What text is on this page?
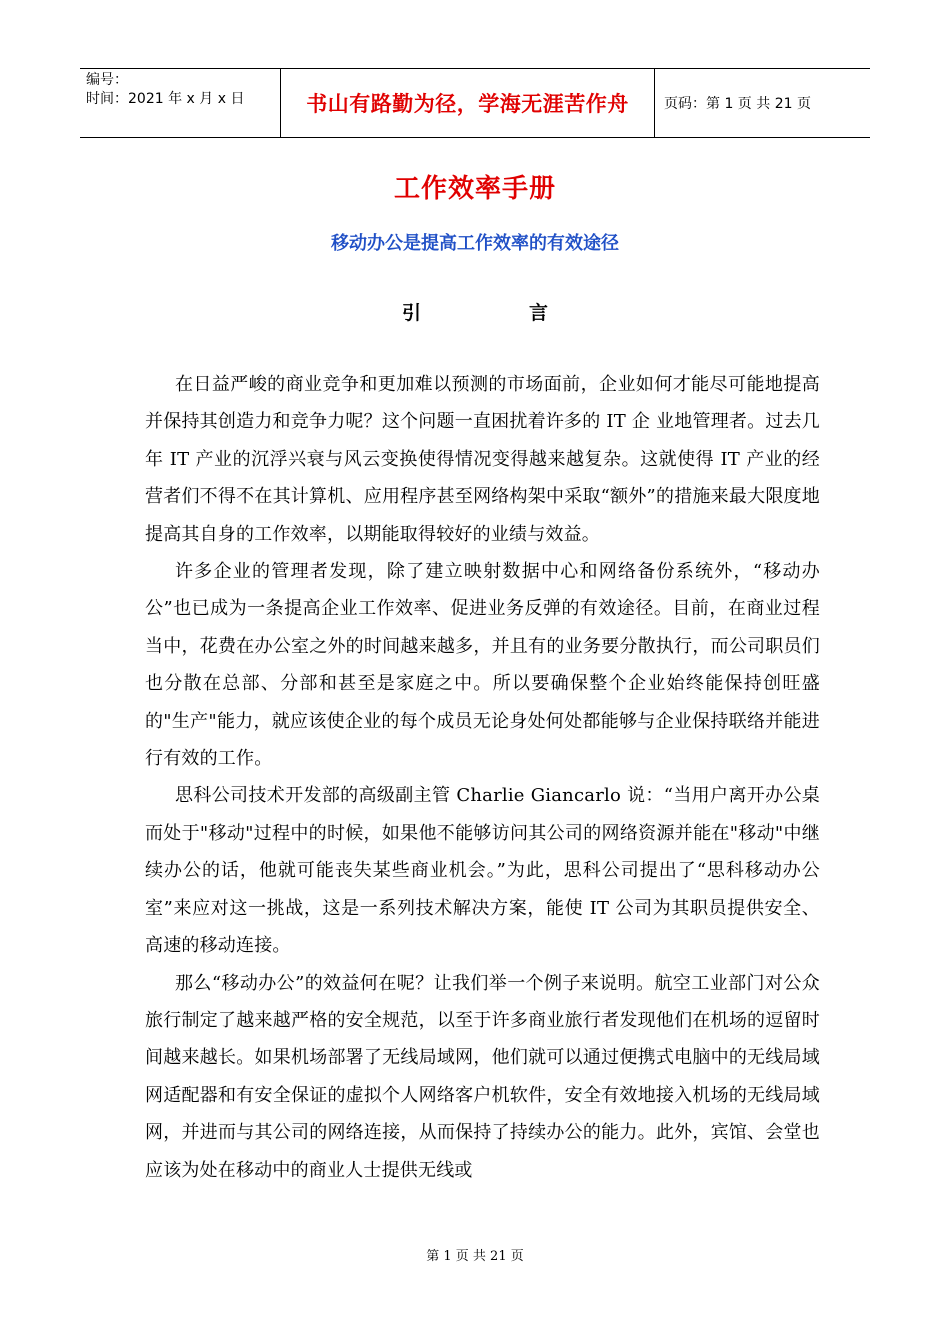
编号：
时间：2021 年 x 月 x 日	书山有路勤为径，学海无涯苦作舟	页码：第 1 页 共 21 页
工作效率手册
移动办公是提高工作效率的有效途径
引	言

在日益严峻的商业竞争和更加难以预测的市场面前，企业如何才能尽可能地提高并保持其创造力和竞争力呢？这个问题一直困扰着许多的 IT 企 业地管理者。过去几年 IT 产业的沉浮兴衰与风云变换使得情况变得越来越复杂。这就使得 IT 产业的经营者们不得不在其计算机、应用程序甚至网络构架中采取“额外”的措施来最大限度地提高其自身的工作效率，以期能取得较好的业绩与效益。

许多企业的管理者发现，除了建立映射数据中心和网络备份系统外，“移动办公”也已成为一条提高企业工作效率、促进业务反弹的有效途径。目前，在商业过程当中，花费在办公室之外的时间越来越多，并且有的业务要分散执行，而公司职员们也分散在总部、分部和甚至是家庭之中。所以要确保整个企业始终能保持创旺盛的"生产"能力，就应该使企业的每个成员无论身处何处都能够与企业保持联络并能进行有效的工作。

思科公司技术开发部的高级副主管 Charlie Giancarlo 说：“当用户离开办公桌而处于"移动"过程中的时候，如果他不能够访问其公司的网络资源并能在"移动"中继续办公的话，他就可能丧失某些商业机会。”为此，思科公司提出了“思科移动办公室”来应对这一挑战，这是一系列技术解决方案，能使 IT 公司为其职员提供安全、高速的移动连接。

那么“移动办公”的效益何在呢？让我们举一个例子来说明。航空工业部门对公众旅行制定了越来越严格的安全规范，以至于许多商业旅行者发现他们在机场的逗留时间越来越长。如果机场部署了无线局域网，他们就可以通过便携式电脑中的无线局域网适配器和有安全保证的虚拟个人网络客户机软件，安全有效地接入机场的无线局域网，并进而与其公司的网络连接，从而保持了持续办公的能力。此外，宾馆、会堂也应该为处在移动中的商业人士提供无线或

第 1 页 共 21 页
